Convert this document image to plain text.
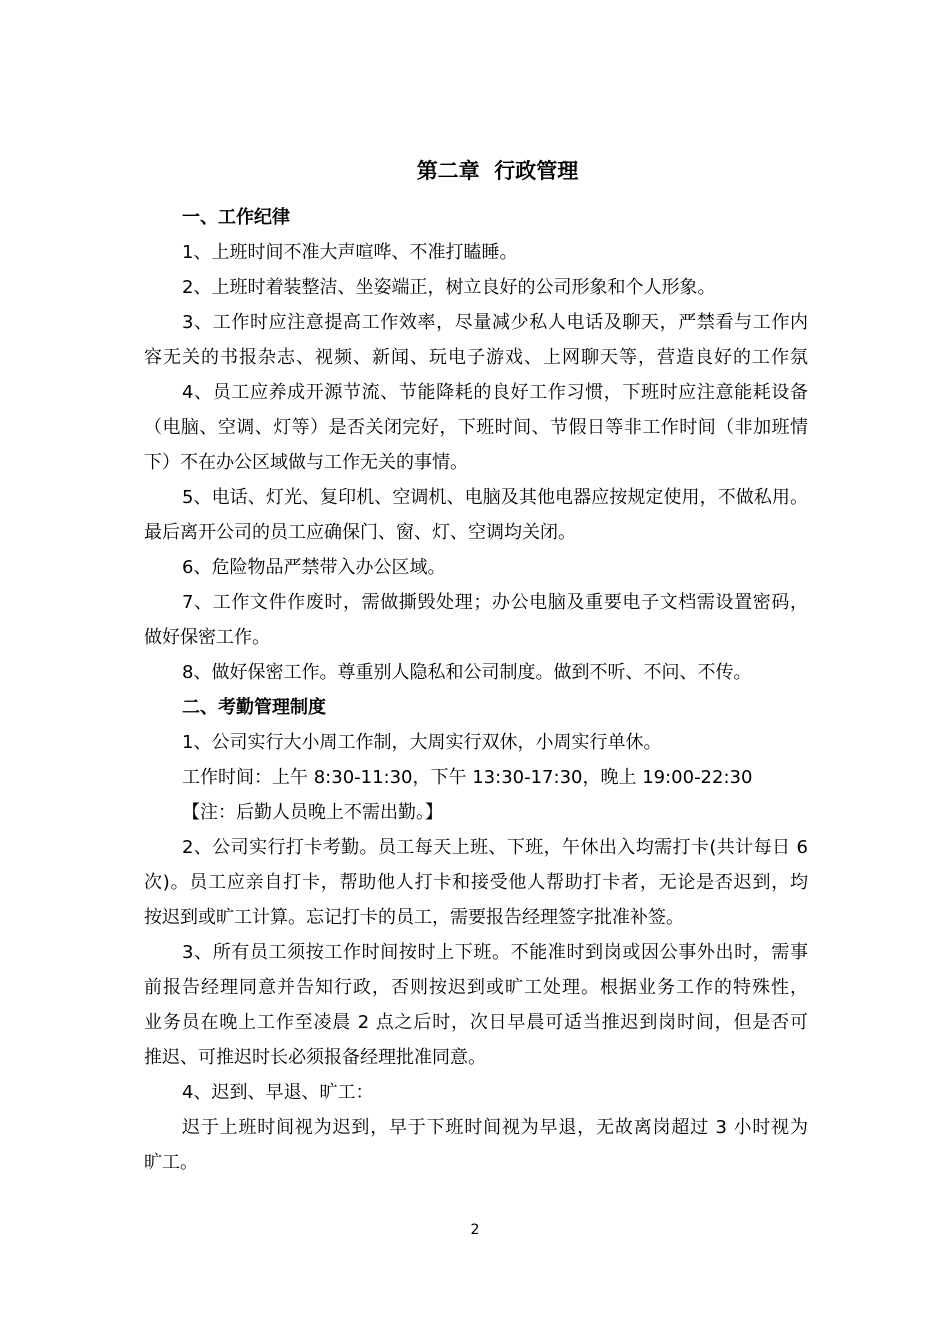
第二章  行政管理
一、工作纪律
1、上班时间不准大声喧哗、不准打瞌睡。
2、上班时着装整洁、坐姿端正，树立良好的公司形象和个人形象。
3、工作时应注意提高工作效率，尽量减少私人电话及聊天，严禁看与工作内
容无关的书报杂志、视频、新闻、玩电子游戏、上网聊天等，营造良好的工作氛
4、员工应养成开源节流、节能降耗的良好工作习惯，下班时应注意能耗设备
（电脑、空调、灯等）是否关闭完好，下班时间、节假日等非工作时间（非加班情
下）不在办公区域做与工作无关的事情。
5、电话、灯光、复印机、空调机、电脑及其他电器应按规定使用，不做私用。
最后离开公司的员工应确保门、窗、灯、空调均关闭。
6、危险物品严禁带入办公区域。
7、工作文件作废时，需做撕毁处理；办公电脑及重要电子文档需设置密码，
做好保密工作。
8、做好保密工作。尊重别人隐私和公司制度。做到不听、不问、不传。
二、考勤管理制度
1、公司实行大小周工作制，大周实行双休，小周实行单休。
工作时间：上午 8:30-11:30，下午 13:30-17:30，晚上 19:00-22:30
【注：后勤人员晚上不需出勤。】
2、公司实行打卡考勤。员工每天上班、下班，午休出入均需打卡(共计每日 6
次)。员工应亲自打卡，帮助他人打卡和接受他人帮助打卡者，无论是否迟到，均
按迟到或旷工计算。忘记打卡的员工，需要报告经理签字批准补签。
3、所有员工须按工作时间按时上下班。不能准时到岗或因公事外出时，需事
前报告经理同意并告知行政，否则按迟到或旷工处理。根据业务工作的特殊性，
业务员在晚上工作至凌晨 2 点之后时，次日早晨可适当推迟到岗时间，但是否可
推迟、可推迟时长必须报备经理批准同意。
4、迟到、早退、旷工：
迟于上班时间视为迟到，早于下班时间视为早退，无故离岗超过 3 小时视为
旷工。
2
